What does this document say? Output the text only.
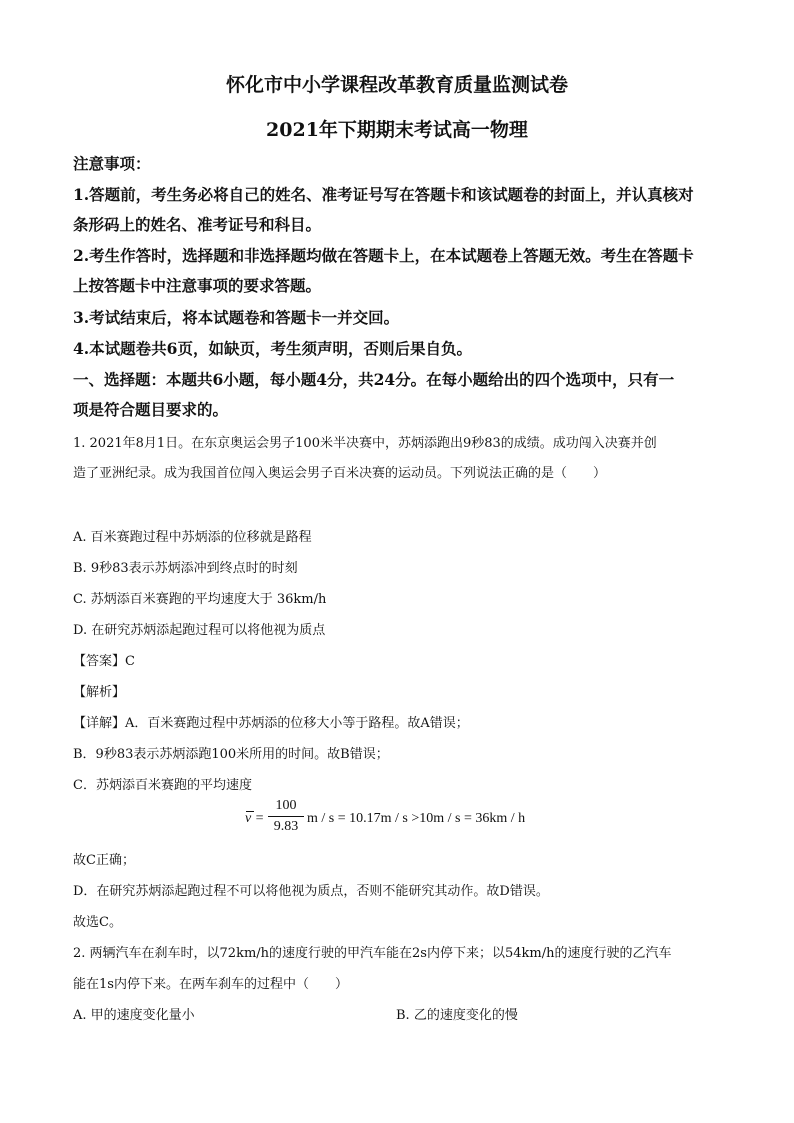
怀化市中小学课程改革教育质量监测试卷
2021年下期期末考试高一物理
注意事项：
1.答题前，考生务必将自己的姓名、准考证号写在答题卡和该试题卷的封面上，并认真核对
条形码上的姓名、准考证号和科目。
2.考生作答时，选择题和非选择题均做在答题卡上，在本试题卷上答题无效。考生在答题卡
上按答题卡中注意事项的要求答题。
3.考试结束后，将本试题卷和答题卡一并交回。
4.本试题卷共6页，如缺页，考生须声明，否则后果自负。
一、选择题：本题共6小题，每小题4分，共24分。在每小题给出的四个选项中，只有一
项是符合题目要求的。
1. 2021年8月1日。在东京奥运会男子100米半决赛中，苏炳添跑出9秒83的成绩。成功闯入决赛并创
造了亚洲纪录。成为我国首位闯入奥运会男子百米决赛的运动员。下列说法正确的是（　　）
A. 百米赛跑过程中苏炳添的位移就是路程
B. 9秒83表示苏炳添冲到终点时的时刻
C. 苏炳添百米赛跑的平均速度大于 36km/h
D. 在研究苏炳添起跑过程可以将他视为质点
【答案】C
【解析】
【详解】A．百米赛跑过程中苏炳添的位移大小等于路程。故A错误；
B．9秒83表示苏炳添跑100米所用的时间。故B错误；
C．苏炳添百米赛跑的平均速度
v =
100
9.83
m / s = 10.17m / s >10m / s = 36km / h
故C正确；
D．在研究苏炳添起跑过程不可以将他视为质点，否则不能研究其动作。故D错误。
故选C。
2. 两辆汽车在刹车时，以72km/h的速度行驶的甲汽车能在2s内停下来；以54km/h的速度行驶的乙汽车
能在1s内停下来。在两车刹车的过程中（　　）
A. 甲的速度变化量小	B. 乙的速度变化的慢
